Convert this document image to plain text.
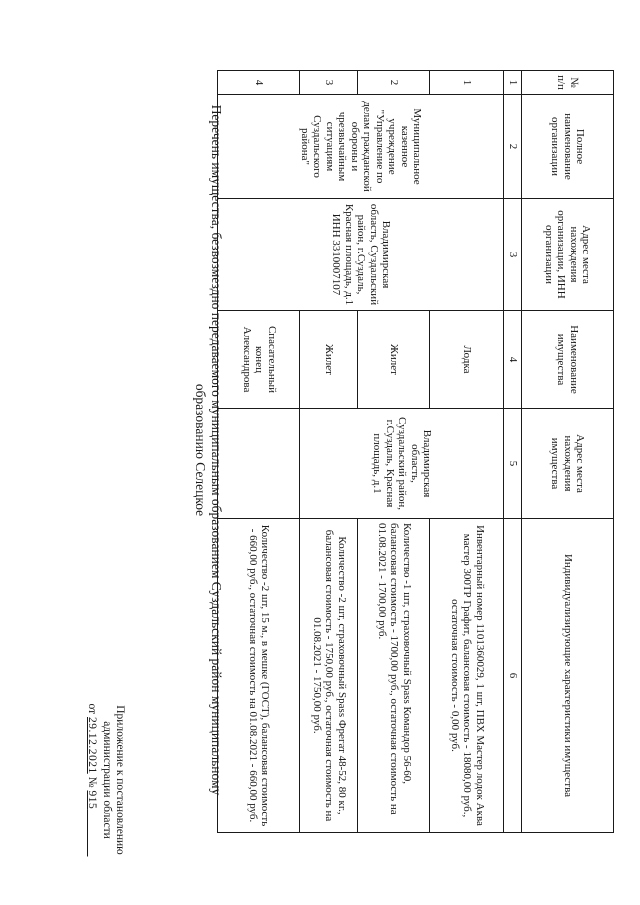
Приложение к постановлению
администрации области
от 29.12.2021 № 915
Перечень имущества, безвозмездно передаваемого муниципальным образованием Суздальский район муниципальному
образованию Селецкое
№ п/п	Полное наименование организации	Адрес места нахождения организации, ИНН организации	Наименование имущества	Адрес места нахождения имущества	Индивидуализирующие характеристики имущества
1	2	3	4	5	6
1	Муниципальное казенное учреждение "Управление по делам гражданской обороны и чрезвычайным ситуациям Суздальского района"	Владимирская область, Суздальский район, г.Суздаль, Красная площадь, д.1 ИНН 3310007107	Лодка	Владимирская область, Суздальский район, г.Суздаль, Красная площадь, д.1	Инвентарный номер 1101360029, 1 шт, ПВХ Мастер лодок Аква мастер 300ТР Графит, балансовая стоимость - 18080,00 руб., остаточная стоимость - 0,00 руб.
2			Жилет		Количество -1 шт, страховочный Spass Командор 56-60, балансовая стоимость - 1700,00 руб., остаточная стоимость на 01.08.2021 - 1700,00 руб.
3			Жилет		Количество -2 шт, страховочный Spass Фрегат 48-52, 80 кг., балансовая стоимость - 1750,00 руб., остаточная стоимость на 01.08.2021 - 1750,00 руб.
4			Спасательный конец Александрова		Количество -2 шт, 15 м., в мешке (ГОСТ), балансовая стоимость - 660,00 руб., остаточная стоимость на 01.08.2021 - 660,00 руб.
